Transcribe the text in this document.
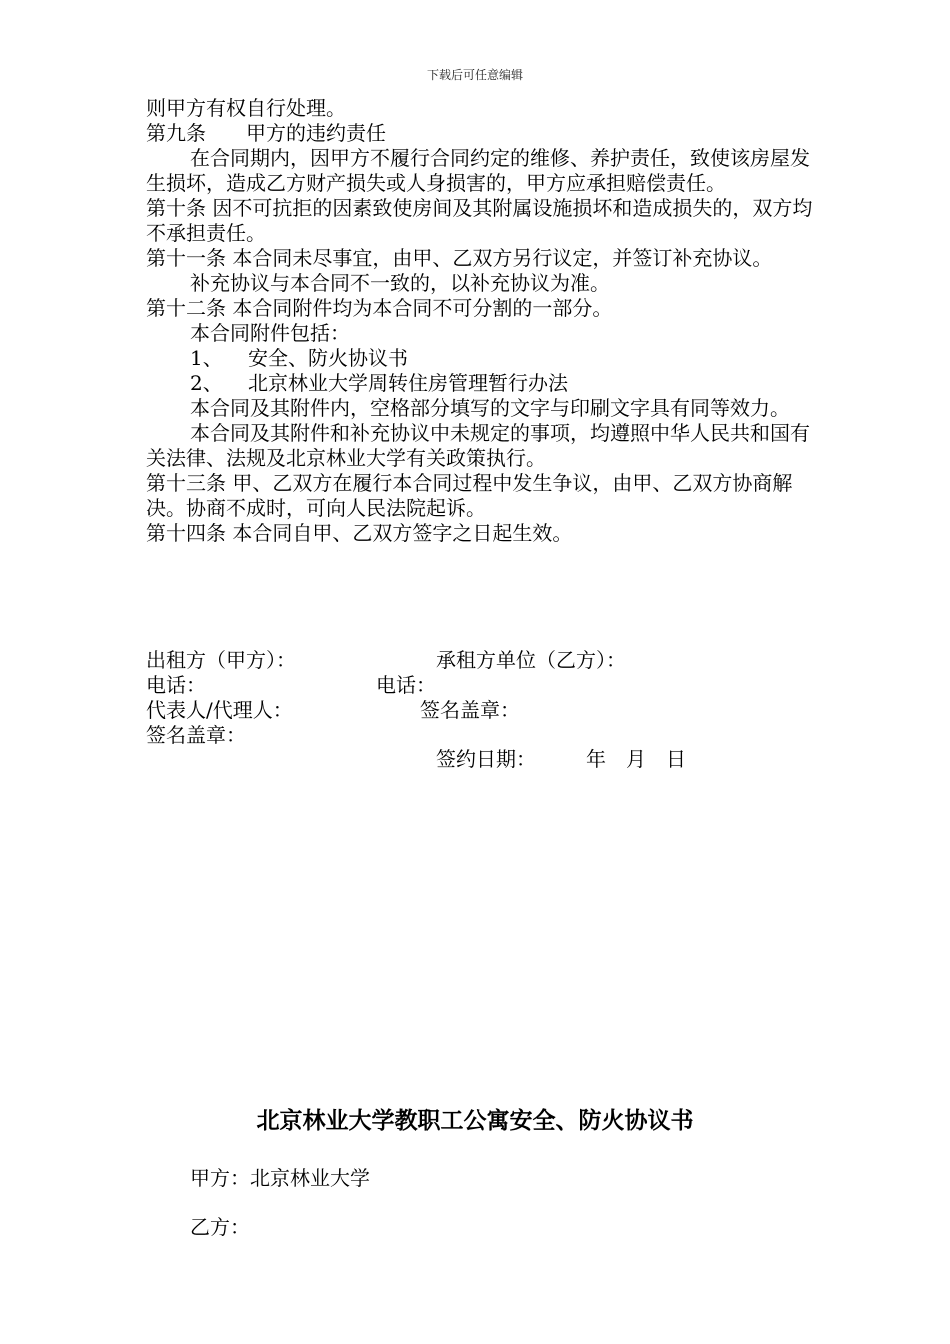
下载后可任意编辑

则甲方有权自行处理。

第九条　　甲方的违约责任

在合同期内，因甲方不履行合同约定的维修、养护责任，致使该房屋发生损坏，造成乙方财产损失或人身损害的，甲方应承担赔偿责任。

第十条 因不可抗拒的因素致使房间及其附属设施损坏和造成损失的，双方均不承担责任。

第十一条 本合同未尽事宜，由甲、乙双方另行议定，并签订补充协议。

补充协议与本合同不一致的，以补充协议为准。

第十二条 本合同附件均为本合同不可分割的一部分。

本合同附件包括：

1、 安全、防火协议书

2、 北京林业大学周转住房管理暂行办法

本合同及其附件内，空格部分填写的文字与印刷文字具有同等效力。

本合同及其附件和补充协议中未规定的事项，均遵照中华人民共和国有关法律、法规及北京林业大学有关政策执行。

第十三条 甲、乙双方在履行本合同过程中发生争议，由甲、乙双方协商解决。协商不成时，可向人民法院起诉。

第十四条 本合同自甲、乙双方签字之日起生效。

出租方（甲方）：	承租方单位（乙方）：
电话：	电话：
代表人/代理人：	签名盖章：
签名盖章：
签约日期：	年　月　日
北京林业大学教职工公寓安全、防火协议书
甲方：北京林业大学
乙方：
